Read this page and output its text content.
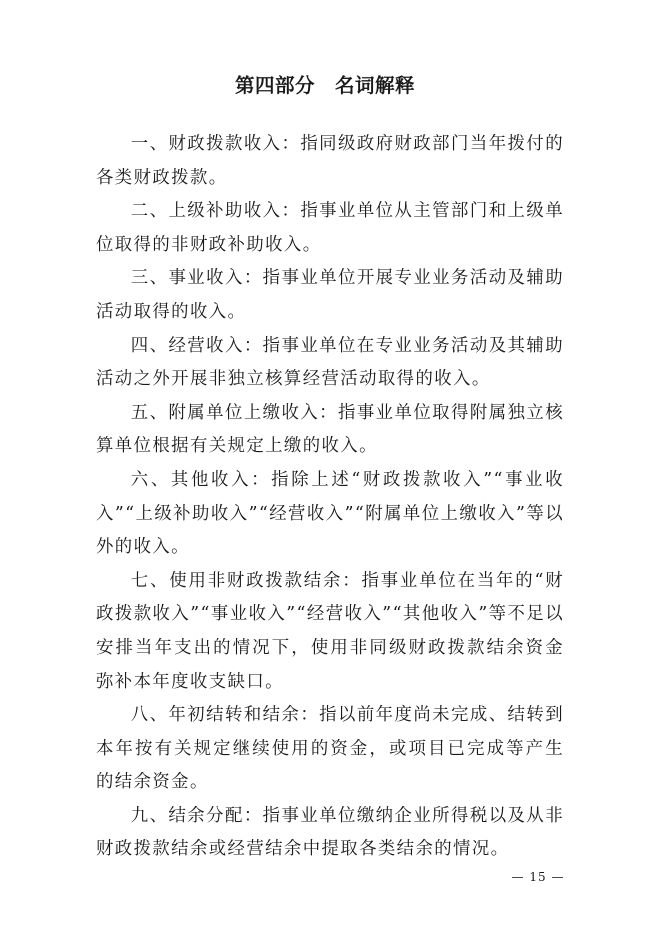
第四部分　名词解释

一、财政拨款收入：指同级政府财政部门当年拨付的各类财政拨款。

二、上级补助收入：指事业单位从主管部门和上级单位取得的非财政补助收入。

三、事业收入：指事业单位开展专业业务活动及辅助活动取得的收入。

四、经营收入：指事业单位在专业业务活动及其辅助活动之外开展非独立核算经营活动取得的收入。

五、附属单位上缴收入：指事业单位取得附属独立核算单位根据有关规定上缴的收入。

六、其他收入：指除上述“财政拨款收入”“事业收入”“上级补助收入”“经营收入”“附属单位上缴收入”等以外的收入。

七、使用非财政拨款结余：指事业单位在当年的“财政拨款收入”“事业收入”“经营收入”“其他收入”等不足以安排当年支出的情况下，使用非同级财政拨款结余资金弥补本年度收支缺口。

八、年初结转和结余：指以前年度尚未完成、结转到本年按有关规定继续使用的资金，或项目已完成等产生的结余资金。

九、结余分配：指事业单位缴纳企业所得税以及从非财政拨款结余或经营结余中提取各类结余的情况。

— 15 —
